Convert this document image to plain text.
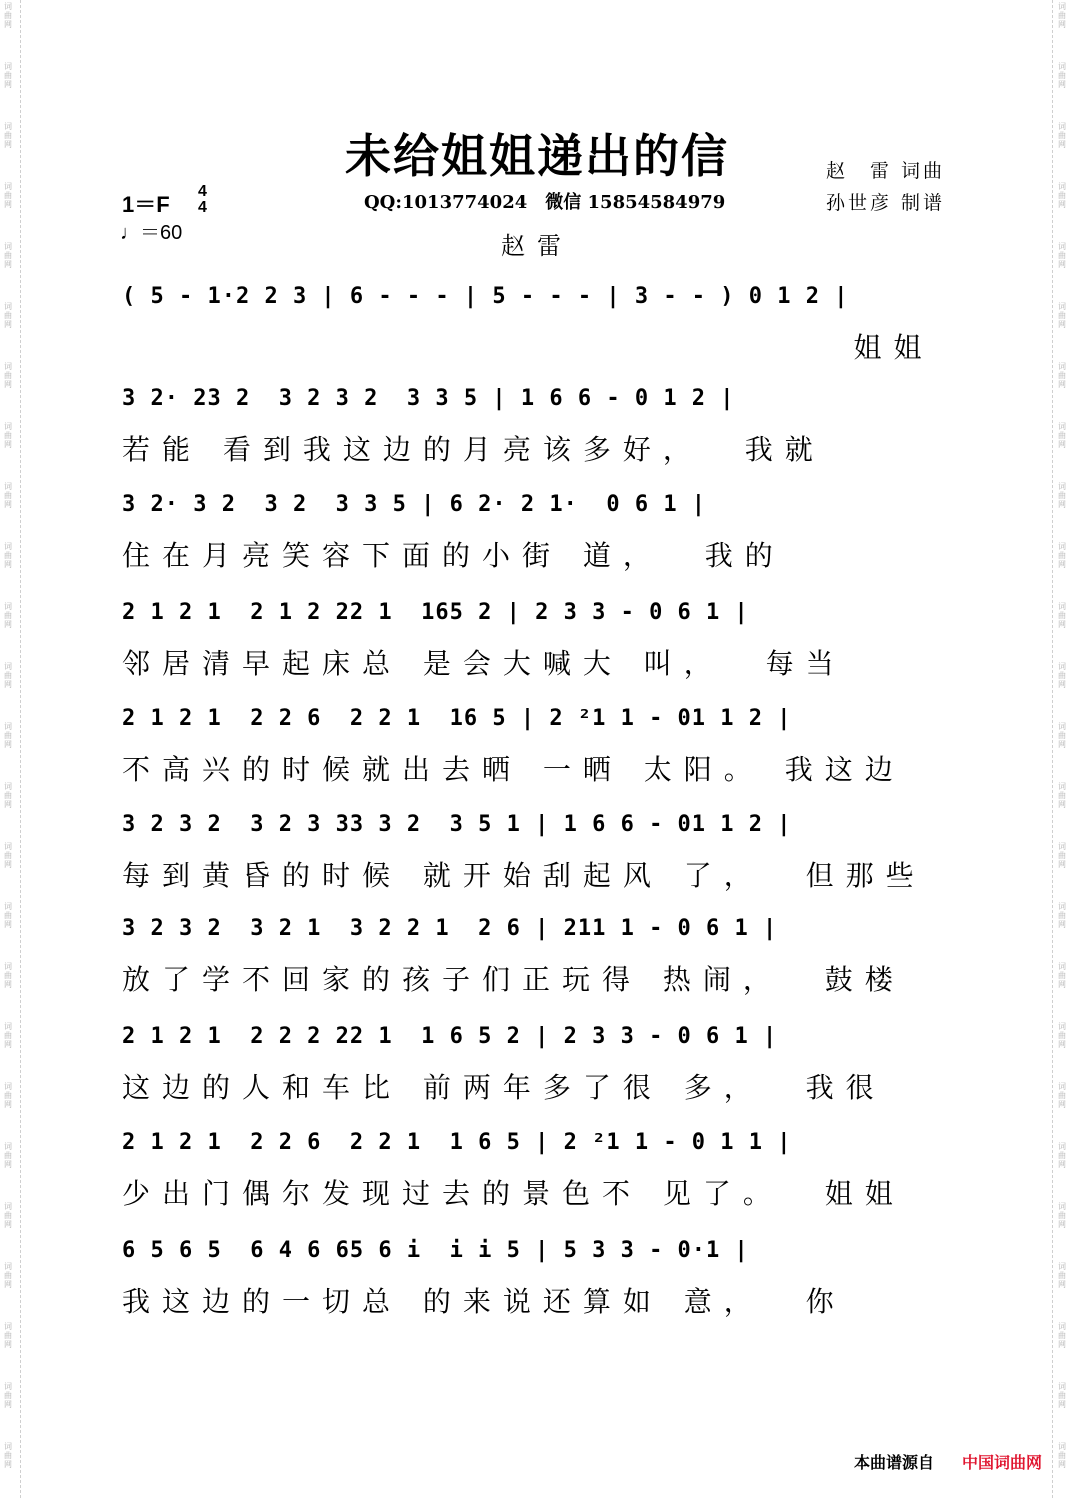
词
曲
网
词
曲
网
词
曲
网
词
曲
网
词
曲
网
词
曲
网
词
曲
网
词
曲
网
词
曲
网
词
曲
网
词
曲
网
词
曲
网
词
曲
网
词
曲
网
词
曲
网
词
曲
网
词
曲
网
词
曲
网
词
曲
网
词
曲
网
词
曲
网
词
曲
网
词
曲
网
词
曲
网
词
曲
网
词
曲
网
词
曲
网
词
曲
网
词
曲
网
词
曲
网
词
曲
网
词
曲
网
词
曲
网
词
曲
网
词
曲
网
词
曲
网
词
曲
网
词
曲
网
词
曲
网
词
曲
网
词
曲
网
词
曲
网
词
曲
网
词
曲
网
词
曲
网
词
曲
网
词
曲
网
词
曲
网
词
曲
网
词
曲
网
未给姐姐递出的信	赵　雷 词曲
孙世彦 制谱
1＝F
4
4
♩＝60
QQ:1013774024　微信 15854584979
赵雷
( 5 - 1·2 2 3 | 6 - - - | 5 - - - | 3 - - ) 0 1 2 |
姐姐
3 2· 23 2  3 2 3 2  3 3 5 | 1 6 6 - 0 1 2 |
若能 看到我这边的月亮该多好，  我就
3 2· 3 2  3 2  3 3 5 | 6 2· 2 1·  0 6 1 |
住在月亮笑容下面的小街 道，  我的
2 1 2 1  2 1 2 22 1  165 2 | 2 3 3 - 0 6 1 |
邻居清早起床总 是会大喊大 叫，  每当
2 1 2 1  2 2 6  2 2 1  16 5 | 2 ²1 1 - 01 1 2 |
不高兴的时候就出去晒 一晒 太阳。 我这边
3 2 3 2  3 2 3 33 3 2  3 5 1 | 1 6 6 - 01 1 2 |
每到黄昏的时候 就开始刮起风 了，  但那些
3 2 3 2  3 2 1  3 2 2 1  2 6 | 211 1 - 0 6 1 |
放了学不回家的孩子们正玩得 热闹，  鼓楼
2 1 2 1  2 2 2 22 1  1 6 5 2 | 2 3 3 - 0 6 1 |
这边的人和车比 前两年多了很 多，  我很
2 1 2 1  2 2 6  2 2 1  1 6 5 | 2 ²1 1 - 0 1 1 |
少出门偶尔发现过去的景色不 见了。  姐姐
6 5 6 5  6 4 6 65 6 i  i i 5 | 5 3 3 - 0·1 |
我这边的一切总 的来说还算如 意，  你
本曲谱源自 中国词曲网
